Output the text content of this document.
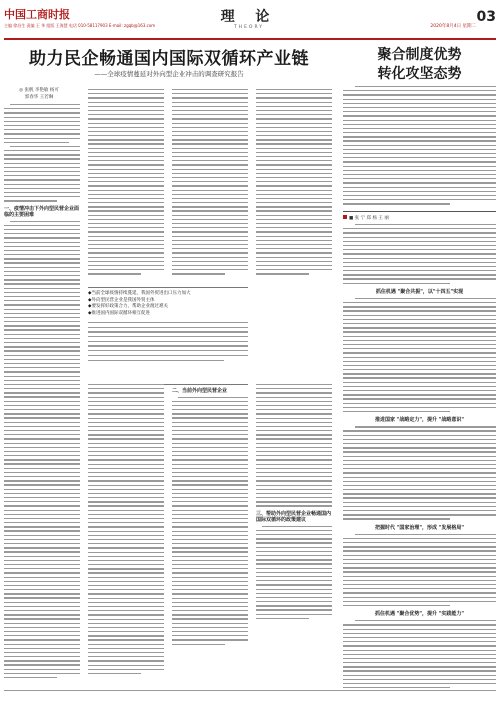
中国工商时报
主编 徐昌生 责编 王 华 组版 王海慧 电话 010-58117903 E-mail: zgqb@163.com
理 论
THEORY	2020年8月4日 星期二
03
助力民企畅通国内国际双循环产业链
——全球疫情蔓延对外向型企业冲击的调查研究报告
◎ 张帆 李艳敏 杨可
郭春华 王若琳
一、疫情冲击下外向型民营企业面临的主要困难
◆当前全球疫情持续蔓延，我国外贸进出口压力加大
◆外向型民营企业是我国外贸主体
◆要发挥好政策合力，帮助企业渡过难关
◆推进国内国际双循环相互促进
二、当前外向型民营企业
三、帮助外向型民营企业畅通国内国际双循环的政策建议
聚合制度优势
转化攻坚态势
■ 张 宁 郑 杨 王 丽
抓住机遇 "聚合共振"，以"十四五"实现
推进国家 "战略定力"，提升 "战略意识"
把握时代 "国家治理"，形成 "发展格局"
抓住机遇 "聚合优势"，提升 "实践能力"
